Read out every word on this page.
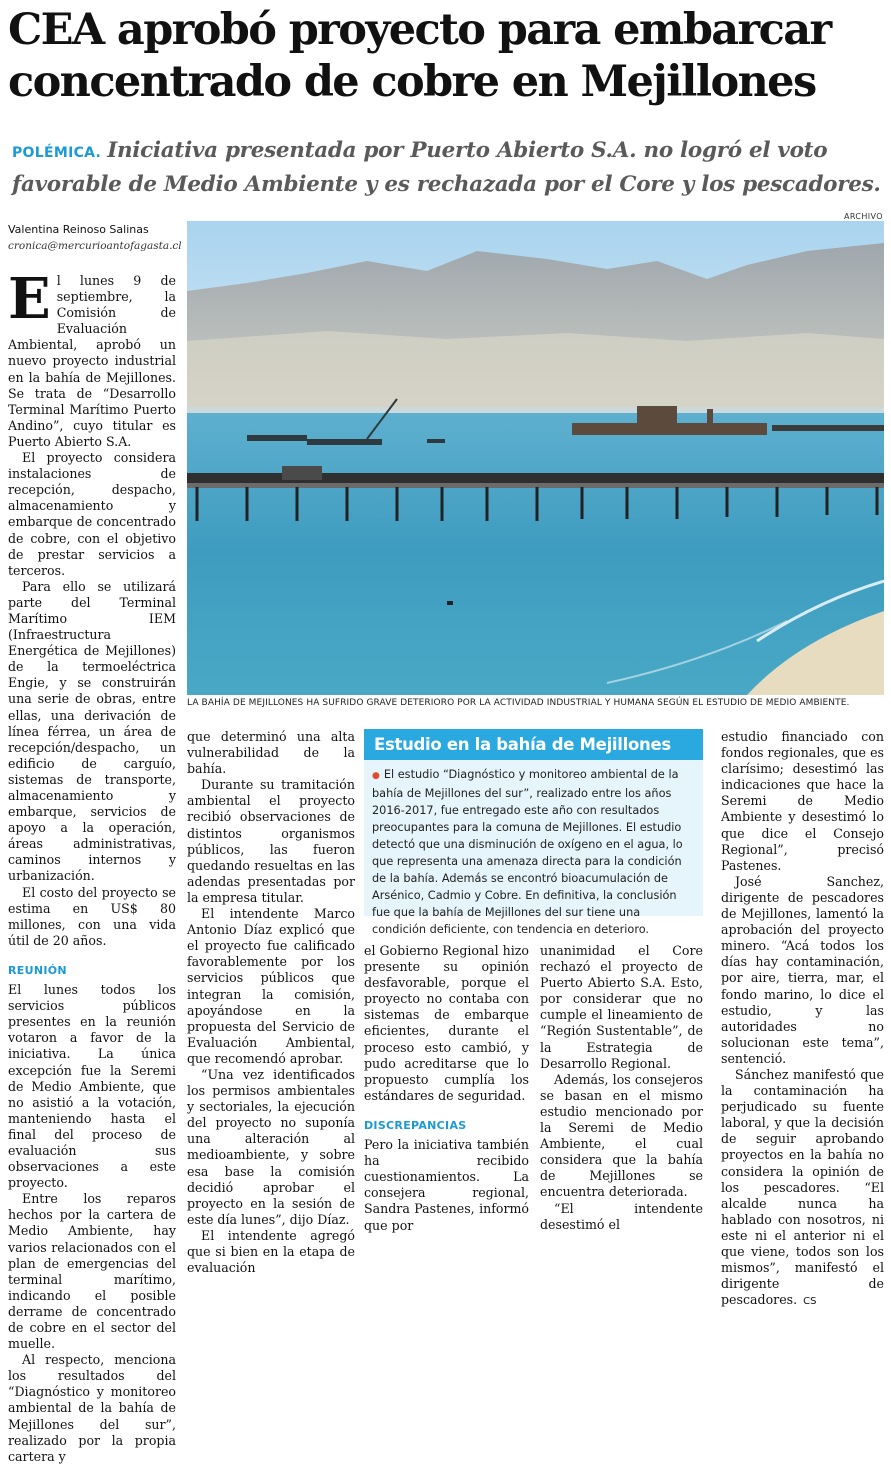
CEA aprobó proyecto para embarcar concentrado de cobre en Mejillones
POLÉMICA. Iniciativa presentada por Puerto Abierto S.A. no logró el voto favorable de Medio Ambiente y es rechazada por el Core y los pescadores.
Valentina Reinoso Salinas
cronica@mercurioantofagasta.cl
ARCHIVO
LA BAHÍA DE MEJILLONES HA SUFRIDO GRAVE DETERIORO POR LA ACTIVIDAD INDUSTRIAL Y HUMANA SEGÚN EL ESTUDIO DE MEDIO AMBIENTE.

El lunes 9 de septiembre, la Comisión de Evaluación Ambiental, aprobó un nuevo proyecto industrial en la bahía de Mejillones. Se trata de “Desarrollo Terminal Marítimo Puerto Andino”, cuyo titular es Puerto Abierto S.A.

El proyecto considera instalaciones de recepción, despacho, almacenamiento y embarque de concentrado de cobre, con el objetivo de prestar servicios a terceros.

Para ello se utilizará parte del Terminal Marítimo IEM (Infraestructura Energética de Mejillones) de la termoeléctrica Engie, y se construirán una serie de obras, entre ellas, una derivación de línea férrea, un área de recepción/despacho, un edificio de carguío, sistemas de transporte, almacenamiento y embarque, servicios de apoyo a la operación, áreas administrativas, caminos internos y urbanización.

El costo del proyecto se estima en US$ 80 millones, con una vida útil de 20 años.

REUNIÓN

El lunes todos los servicios públicos presentes en la reunión votaron a favor de la iniciativa. La única excepción fue la Seremi de Medio Ambiente, que no asistió a la votación, manteniendo hasta el final del proceso de evaluación sus observaciones a este proyecto.

Entre los reparos hechos por la cartera de Medio Ambiente, hay varios relacionados con el plan de emergencias del terminal marítimo, indicando el posible derrame de concentrado de cobre en el sector del muelle.

Al respecto, menciona los resultados del “Diagnóstico y monitoreo ambiental de la bahía de Mejillones del sur”, realizado por la propia cartera y

que determinó una alta vulnerabilidad de la bahía.

Durante su tramitación ambiental el proyecto recibió observaciones de distintos organismos públicos, las fueron quedando resueltas en las adendas presentadas por la empresa titular.

El intendente Marco Antonio Díaz explicó que el proyecto fue calificado favorablemente por los servicios públicos que integran la comisión, apoyándose en la propuesta del Servicio de Evaluación Ambiental, que recomendó aprobar.

“Una vez identificados los permisos ambientales y sectoriales, la ejecución del proyecto no suponía una alteración al medioambiente, y sobre esa base la comisión decidió aprobar el proyecto en la sesión de este día lunes”, dijo Díaz.

El intendente agregó que si bien en la etapa de evaluación

Estudio en la bahía de Mejillones
● El estudio “Diagnóstico y monitoreo ambiental de la bahía de Mejillones del sur”, realizado entre los años 2016-2017, fue entregado este año con resultados preocupantes para la comuna de Mejillones. El estudio detectó que una disminución de oxígeno en el agua, lo que representa una amenaza directa para la condición de la bahía. Además se encontró bioacumulación de Arsénico, Cadmio y Cobre. En definitiva, la conclusión fue que la bahía de Mejillones del sur tiene una condición deficiente, con tendencia en deterioro.

el Gobierno Regional hizo presente su opinión desfavorable, porque el proyecto no contaba con sistemas de embarque eficientes, durante el proceso esto cambió, y pudo acreditarse que lo propuesto cumplía los estándares de seguridad.

DISCREPANCIAS

Pero la iniciativa también ha recibido cuestionamientos. La consejera regional, Sandra Pastenes, informó que por

unanimidad el Core rechazó el proyecto de Puerto Abierto S.A. Esto, por considerar que no cumple el lineamiento de “Región Sustentable”, de la Estrategia de Desarrollo Regional.

Además, los consejeros se basan en el mismo estudio mencionado por la Seremi de Medio Ambiente, el cual considera que la bahía de Mejillones se encuentra deteriorada.

“El intendente desestimó el

estudio financiado con fondos regionales, que es clarísimo; desestimó las indicaciones que hace la Seremi de Medio Ambiente y desestimó lo que dice el Consejo Regional”, precisó Pastenes.

José Sanchez, dirigente de pescadores de Mejillones, lamentó la aprobación del proyecto minero. “Acá todos los días hay contaminación, por aire, tierra, mar, el fondo marino, lo dice el estudio, y las autoridades no solucionan este tema”, sentenció.

Sánchez manifestó que la contaminación ha perjudicado su fuente laboral, y que la decisión de seguir aprobando proyectos en la bahía no considera la opinión de los pescadores. “El alcalde nunca ha hablado con nosotros, ni este ni el anterior ni el que viene, todos son los mismos”, manifestó el dirigente de pescadores. CS
